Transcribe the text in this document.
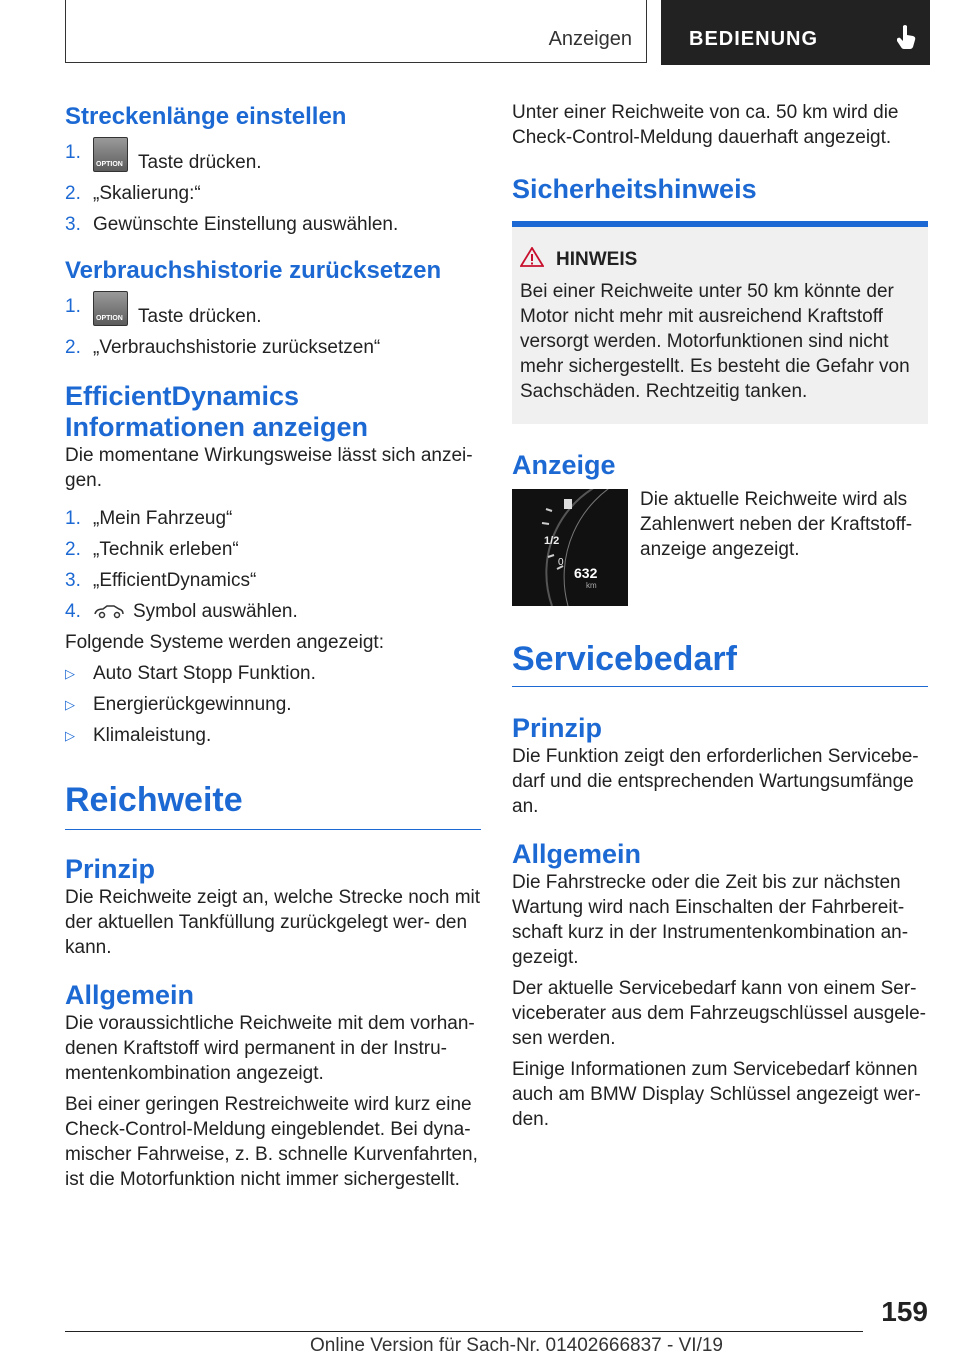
Anzeigen	BEDIENUNG
Streckenlänge einstellen
1.
OPTION Taste drücken.
2. „Skalierung:“
3. Gewünschte Einstellung auswählen.
Verbrauchshistorie zurücksetzen
1.
OPTION Taste drücken.
2. „Verbrauchshistorie zurücksetzen“
EfficientDynamics Informationen anzeigen

Die momentane Wirkungsweise lässt sich anzei‐ gen.

1. „Mein Fahrzeug“
2. „Technik erleben“
3. „EfficientDynamics“
4.	Symbol auswählen.

Folgende Systeme werden angezeigt:

▷ Auto Start Stopp Funktion.
▷ Energierückgewinnung.
▷ Klimaleistung.
Reichweite
Prinzip

Die Reichweite zeigt an, welche Strecke noch mit der aktuellen Tankfüllung zurückgelegt wer‐ den kann.

Allgemein

Die voraussichtliche Reichweite mit dem vorhan‐ denen Kraftstoff wird permanent in der Instru‐ mentenkombination angezeigt.

Bei einer geringen Restreichweite wird kurz eine Check-Control-Meldung eingeblendet. Bei dyna‐ mischer Fahrweise, z. B. schnelle Kurvenfahrten, ist die Motorfunktion nicht immer sichergestellt.

Unter einer Reichweite von ca. 50 km wird die Check-Control-Meldung dauerhaft angezeigt.

Sicherheitshinweis
HINWEIS

Bei einer Reichweite unter 50 km könnte der Motor nicht mehr mit ausreichend Kraftstoff versorgt werden. Motorfunktionen sind nicht mehr sichergestellt. Es besteht die Gefahr von Sachschäden. Rechtzeitig tanken.

Anzeige
1/2
0
632
km

Die aktuelle Reichweite wird als Zahlenwert neben der Kraftstoff‐ anzeige angezeigt.

Servicebedarf
Prinzip

Die Funktion zeigt den erforderlichen Servicebe‐ darf und die entsprechenden Wartungsumfänge an.

Allgemein

Die Fahrstrecke oder die Zeit bis zur nächsten Wartung wird nach Einschalten der Fahrbereit‐ schaft kurz in der Instrumentenkombination an‐ gezeigt.

Der aktuelle Servicebedarf kann von einem Ser‐ viceberater aus dem Fahrzeugschlüssel ausgele‐ sen werden.

Einige Informationen zum Servicebedarf können auch am BMW Display Schlüssel angezeigt wer‐ den.

159
Online Version für Sach-Nr. 01402666837 - VI/19
